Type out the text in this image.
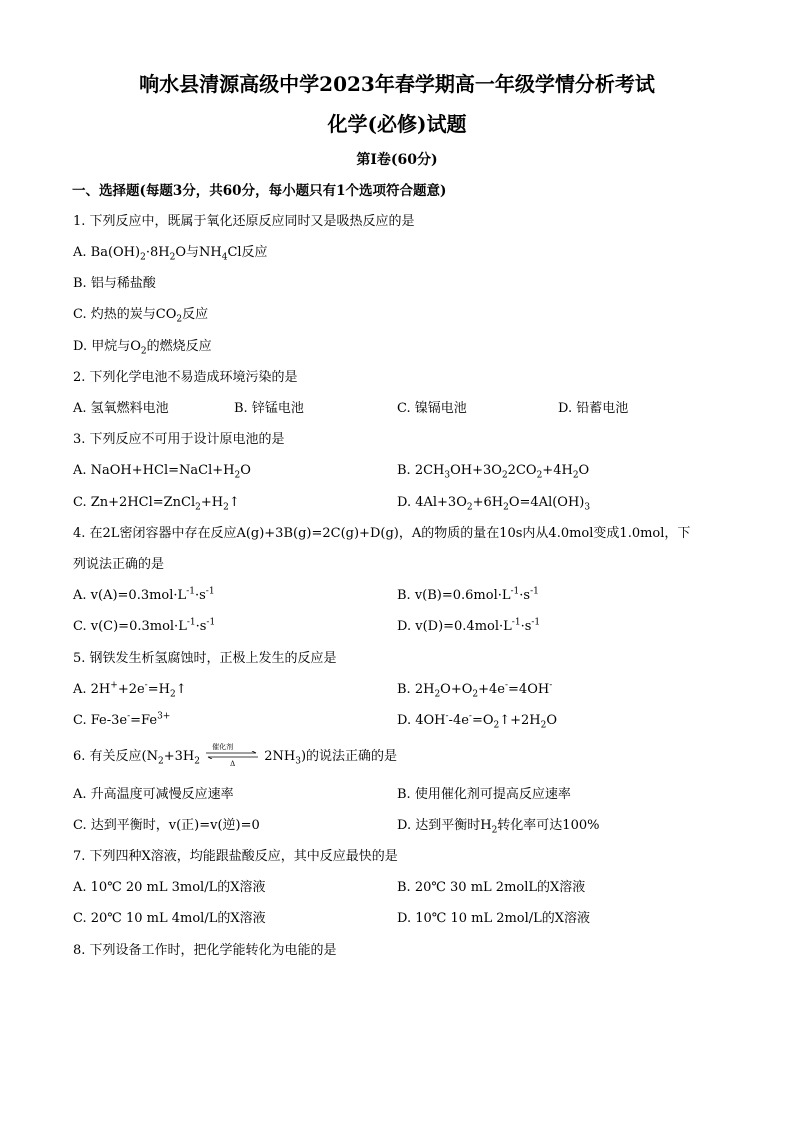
响水县清源高级中学2023年春学期高一年级学情分析考试
化学(必修)试题
第Ⅰ卷(60分)
一、选择题(每题3分，共60分，每小题只有1个选项符合题意)
1. 下列反应中，既属于氧化还原反应同时又是吸热反应的是
A. $Ba(OH)_2\cdot 8H_2O$与$NH_4Cl$反应
B. 铝与稀盐酸
C. 灼热的炭与$CO_2$反应
D. 甲烷与$O_2$的燃烧反应
2. 下列化学电池不易造成环境污染的是
A. 氢氧燃料电池	B. 锌锰电池	C. 镍镉电池	D. 铅蓄电池
3. 下列反应不可用于设计原电池的是
A. $NaOH+HCl=NaCl+H_2O$	B. $2CH_3OH+3O_22CO_2+4H_2O$
C. $Zn+2HCl=ZnCl_2+H_2↑$	D. $4Al+3O_2+6H_2O=4Al(OH)_3$
4. 在2L密闭容器中存在反应A(g)+3B(g)=2C(g)+D(g)，A的物质的量在10s内从4.0mol变成1.0mol，下
列说法正确的是
A. $v(A)=0.3mol\cdot L^{-1}\cdot s^{-1}$	B. $v(B)=0.6mol\cdot L^{-1}\cdot s^{-1}$
C. $v(C)=0.3mol\cdot L^{-1}\cdot s^{-1}$	D. $v(D)=0.4mol\cdot L^{-1}\cdot s^{-1}$
5. 钢铁发生析氢腐蚀时，正极上发生的反应是
A. $2H^++2e^-=H_2↑$	B. $2H_2O+O_2+4e^-=4OH^-$
C. $Fe-3e^-=Fe^{3+}$	D. $4OH^--4e^-=O_2↑+2H_2O$
6. 有关反应($N_2+3H_2$
催化剂
Δ $2NH_3$)的说法正确的是
A. 升高温度可减慢反应速率	B. 使用催化剂可提高反应速率
C. 达到平衡时，v(正)=v(逆)=0	D. 达到平衡时$H_2$转化率可达100%
7. 下列四种X溶液，均能跟盐酸反应，其中反应最快的是
A. 10℃ 20 mL 3mol/L的X溶液	B. 20℃ 30 mL 2molL的X溶液
C. 20℃ 10 mL 4mol/L的X溶液	D. 10℃ 10 mL 2mol/L的X溶液
8. 下列设备工作时，把化学能转化为电能的是
